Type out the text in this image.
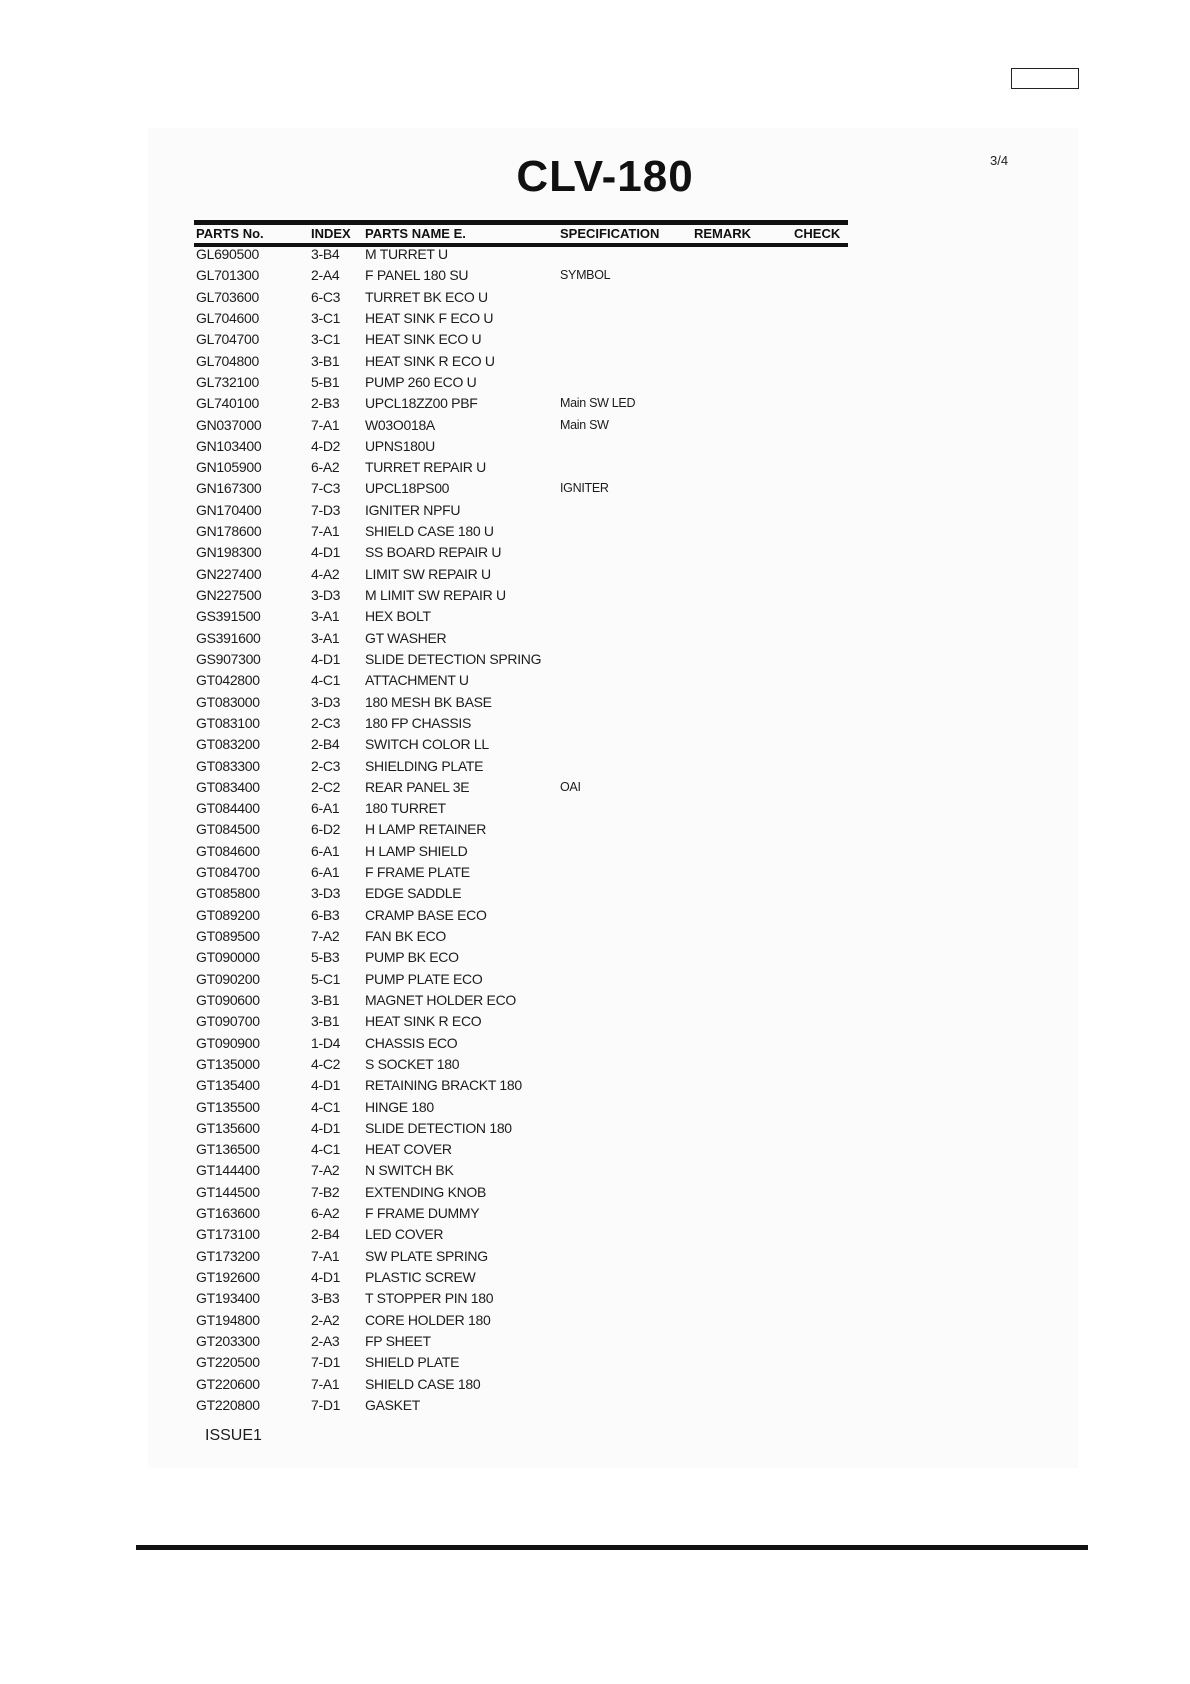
CLV-180	3/4
PARTS No.	INDEX PARTS NAME E.	SPECIFICATION	REMARK	CHECK
GL690500	3-B4 M TURRET U
GL701300	2-A4 F PANEL 180 SU	SYMBOL
GL703600	6-C3 TURRET BK ECO U
GL704600	3-C1 HEAT SINK F ECO U
GL704700	3-C1 HEAT SINK ECO U
GL704800	3-B1 HEAT SINK R ECO U
GL732100	5-B1 PUMP 260 ECO U
GL740100	2-B3 UPCL18ZZ00 PBF	Main SW LED
GN037000	7-A1 W03O018A	Main SW
GN103400	4-D2 UPNS180U
GN105900	6-A2 TURRET REPAIR U
GN167300	7-C3 UPCL18PS00	IGNITER
GN170400	7-D3 IGNITER NPFU
GN178600	7-A1 SHIELD CASE 180 U
GN198300	4-D1 SS BOARD REPAIR U
GN227400	4-A2 LIMIT SW REPAIR U
GN227500	3-D3 M LIMIT SW REPAIR U
GS391500	3-A1 HEX BOLT
GS391600	3-A1 GT WASHER
GS907300	4-D1 SLIDE DETECTION SPRING
GT042800	4-C1 ATTACHMENT U
GT083000	3-D3 180 MESH BK BASE
GT083100	2-C3 180 FP CHASSIS
GT083200	2-B4 SWITCH COLOR LL
GT083300	2-C3 SHIELDING PLATE
GT083400	2-C2 REAR PANEL 3E	OAI
GT084400	6-A1 180 TURRET
GT084500	6-D2 H LAMP RETAINER
GT084600	6-A1 H LAMP SHIELD
GT084700	6-A1 F FRAME PLATE
GT085800	3-D3 EDGE SADDLE
GT089200	6-B3 CRAMP BASE ECO
GT089500	7-A2 FAN BK ECO
GT090000	5-B3 PUMP BK ECO
GT090200	5-C1 PUMP PLATE ECO
GT090600	3-B1 MAGNET HOLDER ECO
GT090700	3-B1 HEAT SINK R ECO
GT090900	1-D4 CHASSIS ECO
GT135000	4-C2 S SOCKET 180
GT135400	4-D1 RETAINING BRACKT 180
GT135500	4-C1 HINGE 180
GT135600	4-D1 SLIDE DETECTION 180
GT136500	4-C1 HEAT COVER
GT144400	7-A2 N SWITCH BK
GT144500	7-B2 EXTENDING KNOB
GT163600	6-A2 F FRAME DUMMY
GT173100	2-B4 LED COVER
GT173200	7-A1 SW PLATE SPRING
GT192600	4-D1 PLASTIC SCREW
GT193400	3-B3 T STOPPER PIN 180
GT194800	2-A2 CORE HOLDER 180
GT203300	2-A3 FP SHEET
GT220500	7-D1 SHIELD PLATE
GT220600	7-A1 SHIELD CASE 180
GT220800	7-D1 GASKET
ISSUE1
